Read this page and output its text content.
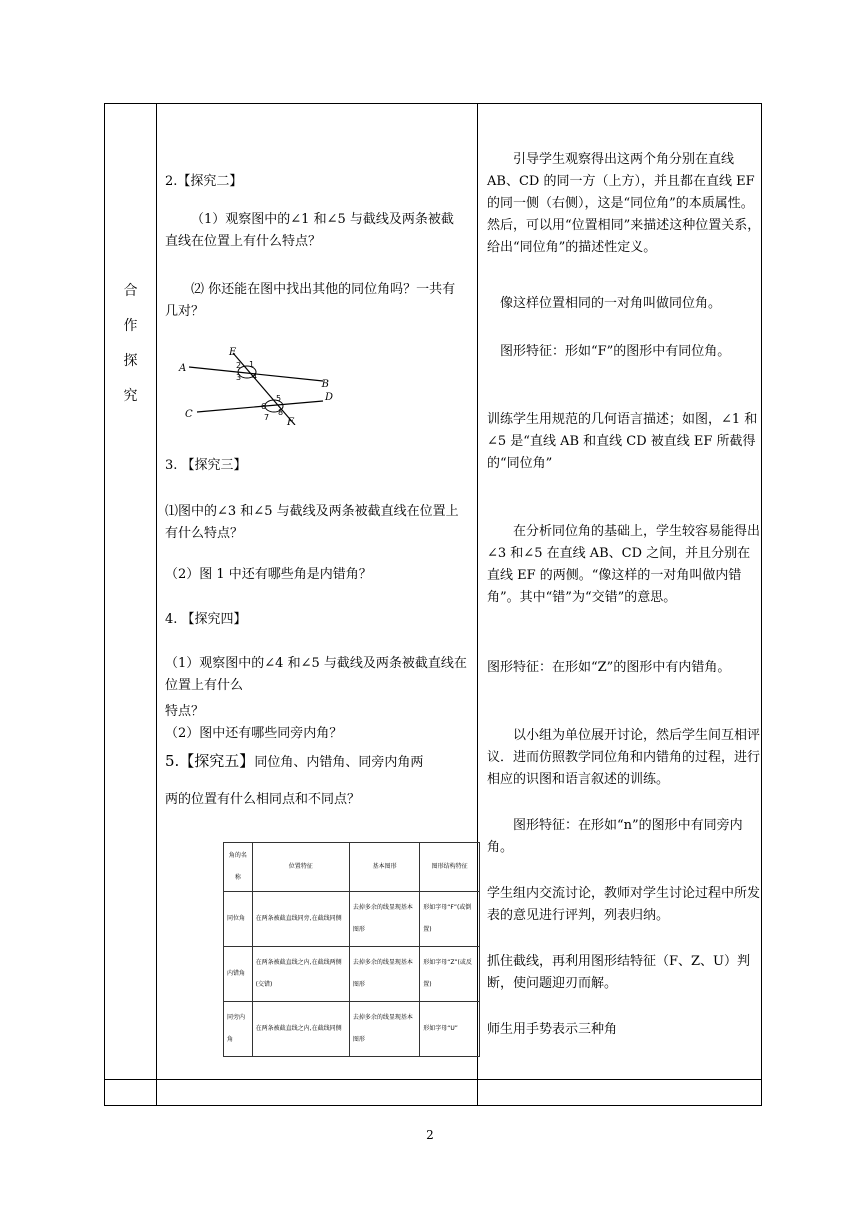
合
作
探
究

2.【探究二】

（1）观察图中的∠1 和∠5 与截线及两条被截直线在位置上有什么特点？

⑵ 你还能在图中找出其他的同位角吗？一共有几对？

E
A
B
C
D
F
2 1
3 4
5
6
8
7

3. 【探究三】

⑴图中的∠3 和∠5 与截线及两条被截直线在位置上有什么特点？

（2）图 1 中还有哪些角是内错角？

4. 【探究四】

（1）观察图中的∠4 和∠5 与截线及两条被截直线在位置上有什么

特点？

（2）图中还有哪些同旁内角？

5.【探究五】同位角、内错角、同旁内角两

两的位置有什么相同点和不同点？

角的名称	位置特征	基本图形	图形结构特征
同位角	在两条被截直线同旁,在截线同侧	去掉多余的线显现基本图形	形如字母“F”(或倒置)
内错角	在两条被截直线之内,在截线两侧(交错)	去掉多余的线显现基本图形	形如字母“Z”(或反置)
同旁内角	在两条被截直线之内,在截线同侧	去掉多余的线显现基本图形	形如字母“U”

引导学生观察得出这两个角分别在直线 AB、CD 的同一方（上方），并且都在直线 EF 的同一侧（右侧），这是“同位角”的本质属性。然后，可以用“位置相同”来描述这种位置关系，给出“同位角”的描述性定义。

像这样位置相同的一对角叫做同位角。

图形特征：形如“F”的图形中有同位角。

训练学生用规范的几何语言描述；如图，∠1 和∠5 是“直线 AB 和直线 CD 被直线 EF 所截得的“同位角”

在分析同位角的基础上，学生较容易能得出∠3 和∠5 在直线 AB、CD 之间，并且分别在直线 EF 的两侧。“像这样的一对角叫做内错角”。其中“错”为“交错”的意思。

图形特征：在形如“Z”的图形中有内错角。

以小组为单位展开讨论，然后学生间互相评议．进而仿照教学同位角和内错角的过程，进行相应的识图和语言叙述的训练。

图形特征：在形如“n”的图形中有同旁内角。

学生组内交流讨论，教师对学生讨论过程中所发表的意见进行评判，列表归纳。

抓住截线，再利用图形结特征（F、Z、U）判断，使问题迎刃而解。

师生用手势表示三种角

2
